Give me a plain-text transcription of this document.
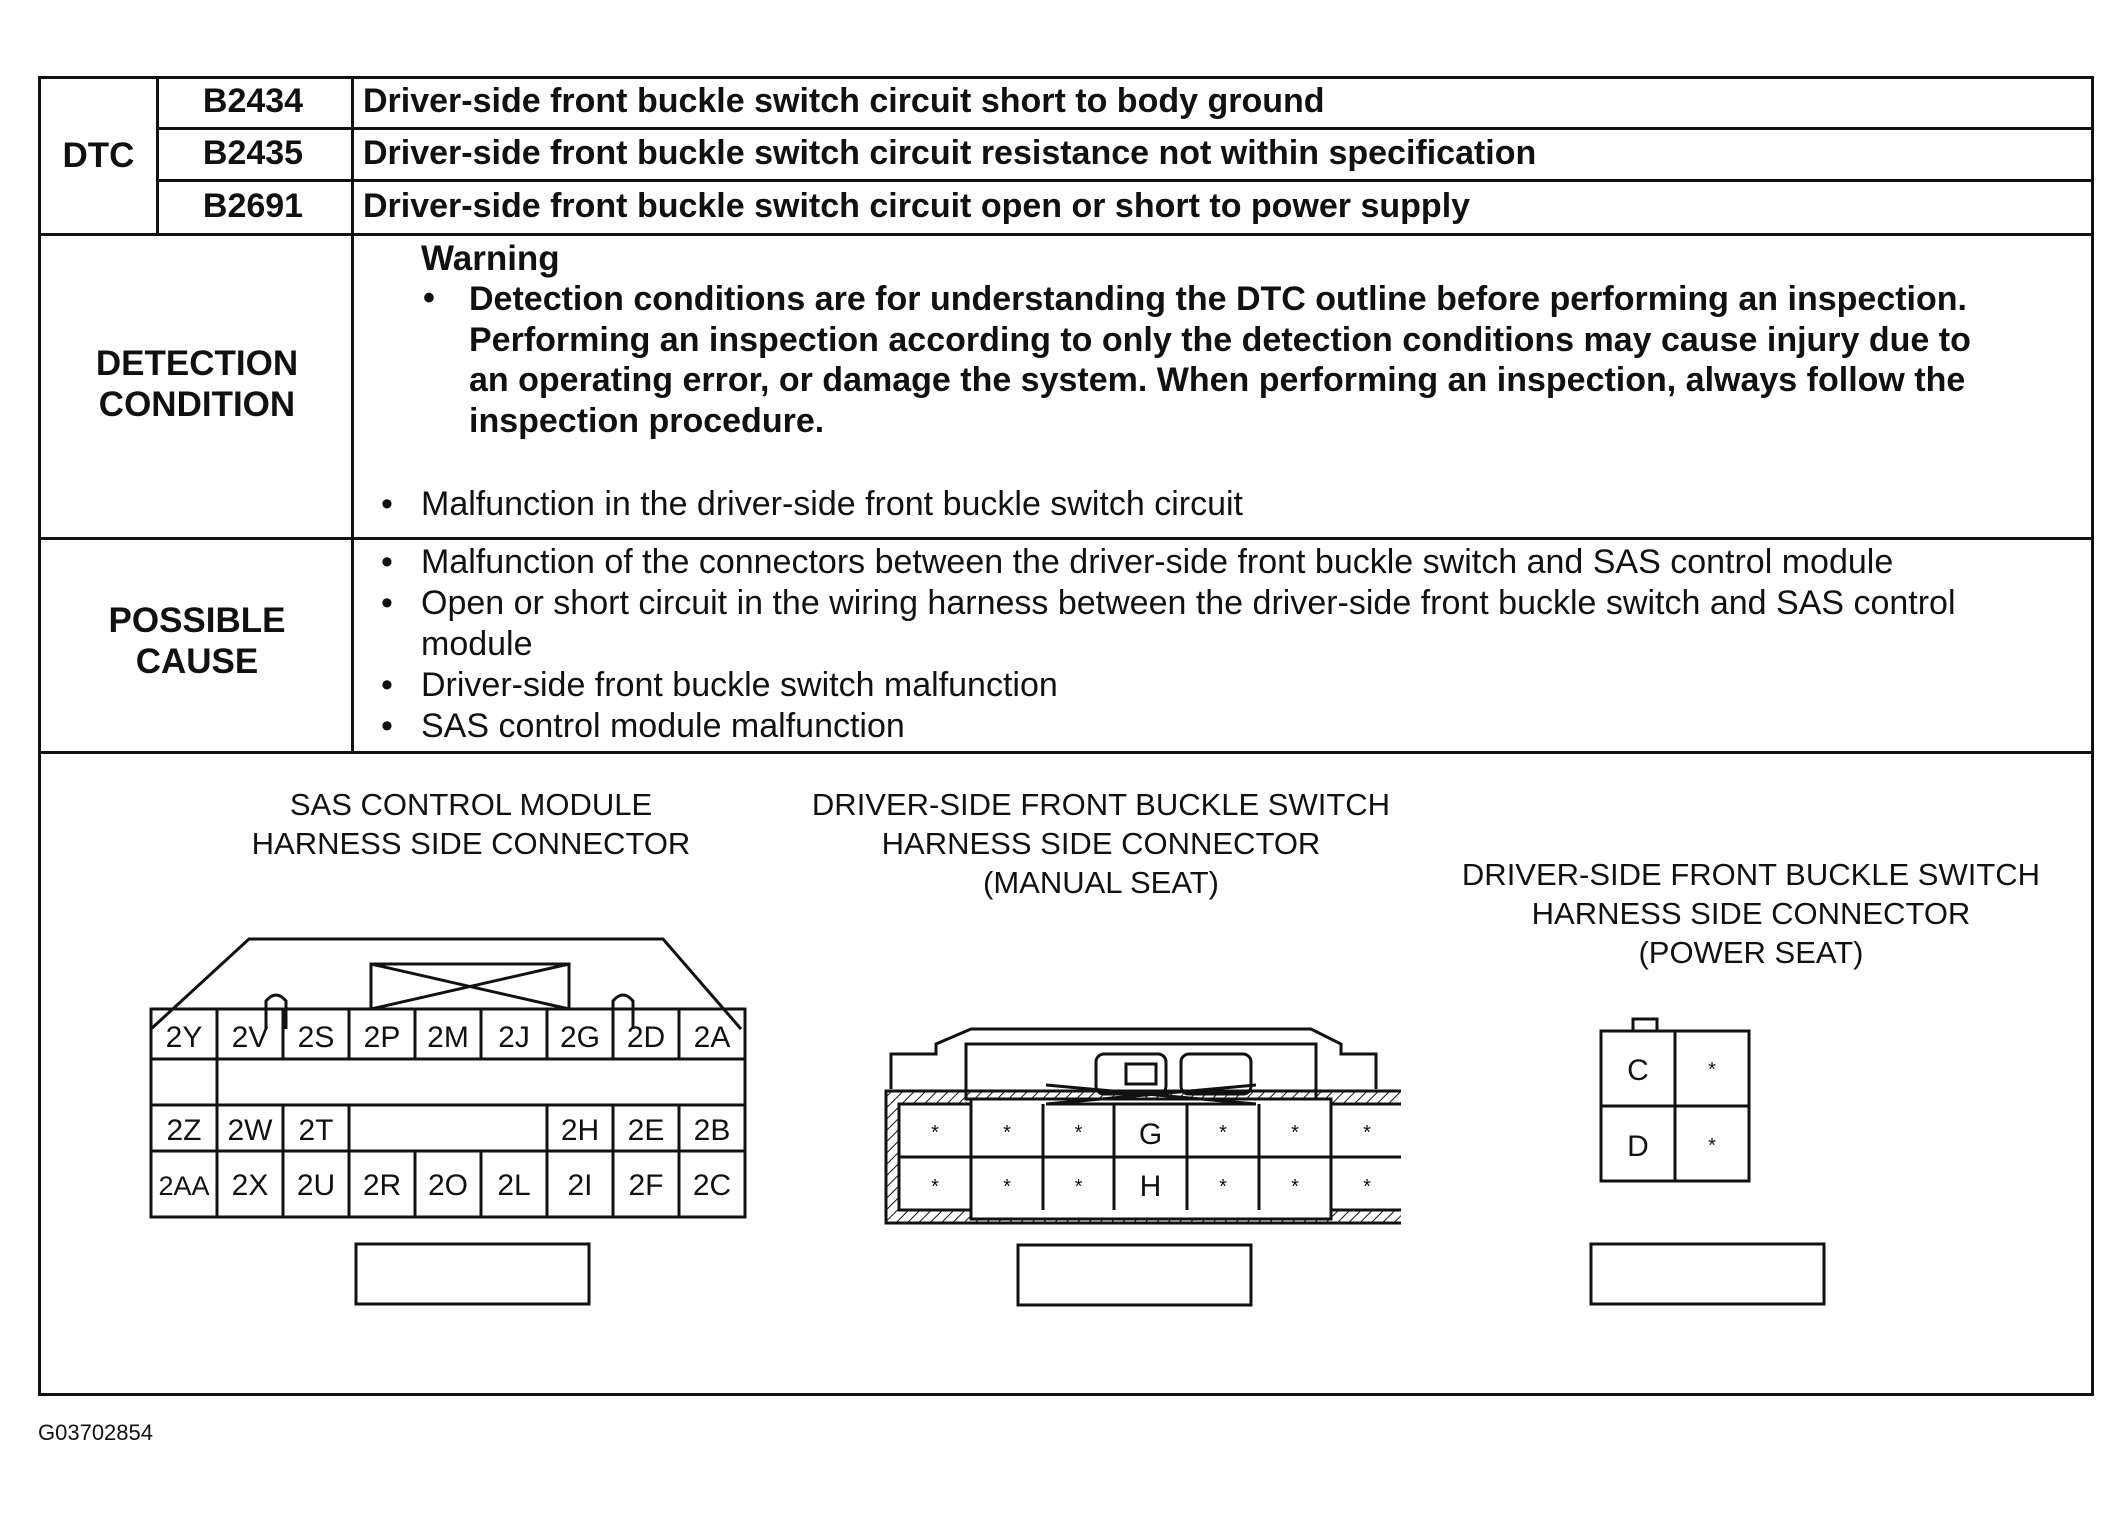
DTC
B2434	Driver-side front buckle switch circuit short to body ground
B2435	Driver-side front buckle switch circuit resistance not within specification
B2691	Driver-side front buckle switch circuit open or short to power supply
DETECTION
CONDITION
Warning
•	Detection conditions are for understanding the DTC outline before performing an inspection.
Performing an inspection according to only the detection conditions may cause injury due to
an operating error, or damage the system. When performing an inspection, always follow the
inspection procedure.
• Malfunction in the driver-side front buckle switch circuit
POSSIBLE
CAUSE
• Malfunction of the connectors between the driver-side front buckle switch and SAS control module
• Open or short circuit in the wiring harness between the driver-side front buckle switch and SAS control
module
• Driver-side front buckle switch malfunction
• SAS control module malfunction
SAS CONTROL MODULE
HARNESS SIDE CONNECTOR
DRIVER-SIDE FRONT BUCKLE SWITCH
HARNESS SIDE CONNECTOR
(MANUAL SEAT)	DRIVER-SIDE FRONT BUCKLE SWITCH
HARNESS SIDE CONNECTOR
(POWER SEAT)
2Y 2V 2S 2P 2M 2J 2G 2D 2A
2Z 2W 2T	2H 2E 2B
2AA 2X 2U 2R 2O 2L 2I 2F 2C
*	*	* G	*	*	*
*	*	* H	*	*	*
C	*
D	*
G03702854
